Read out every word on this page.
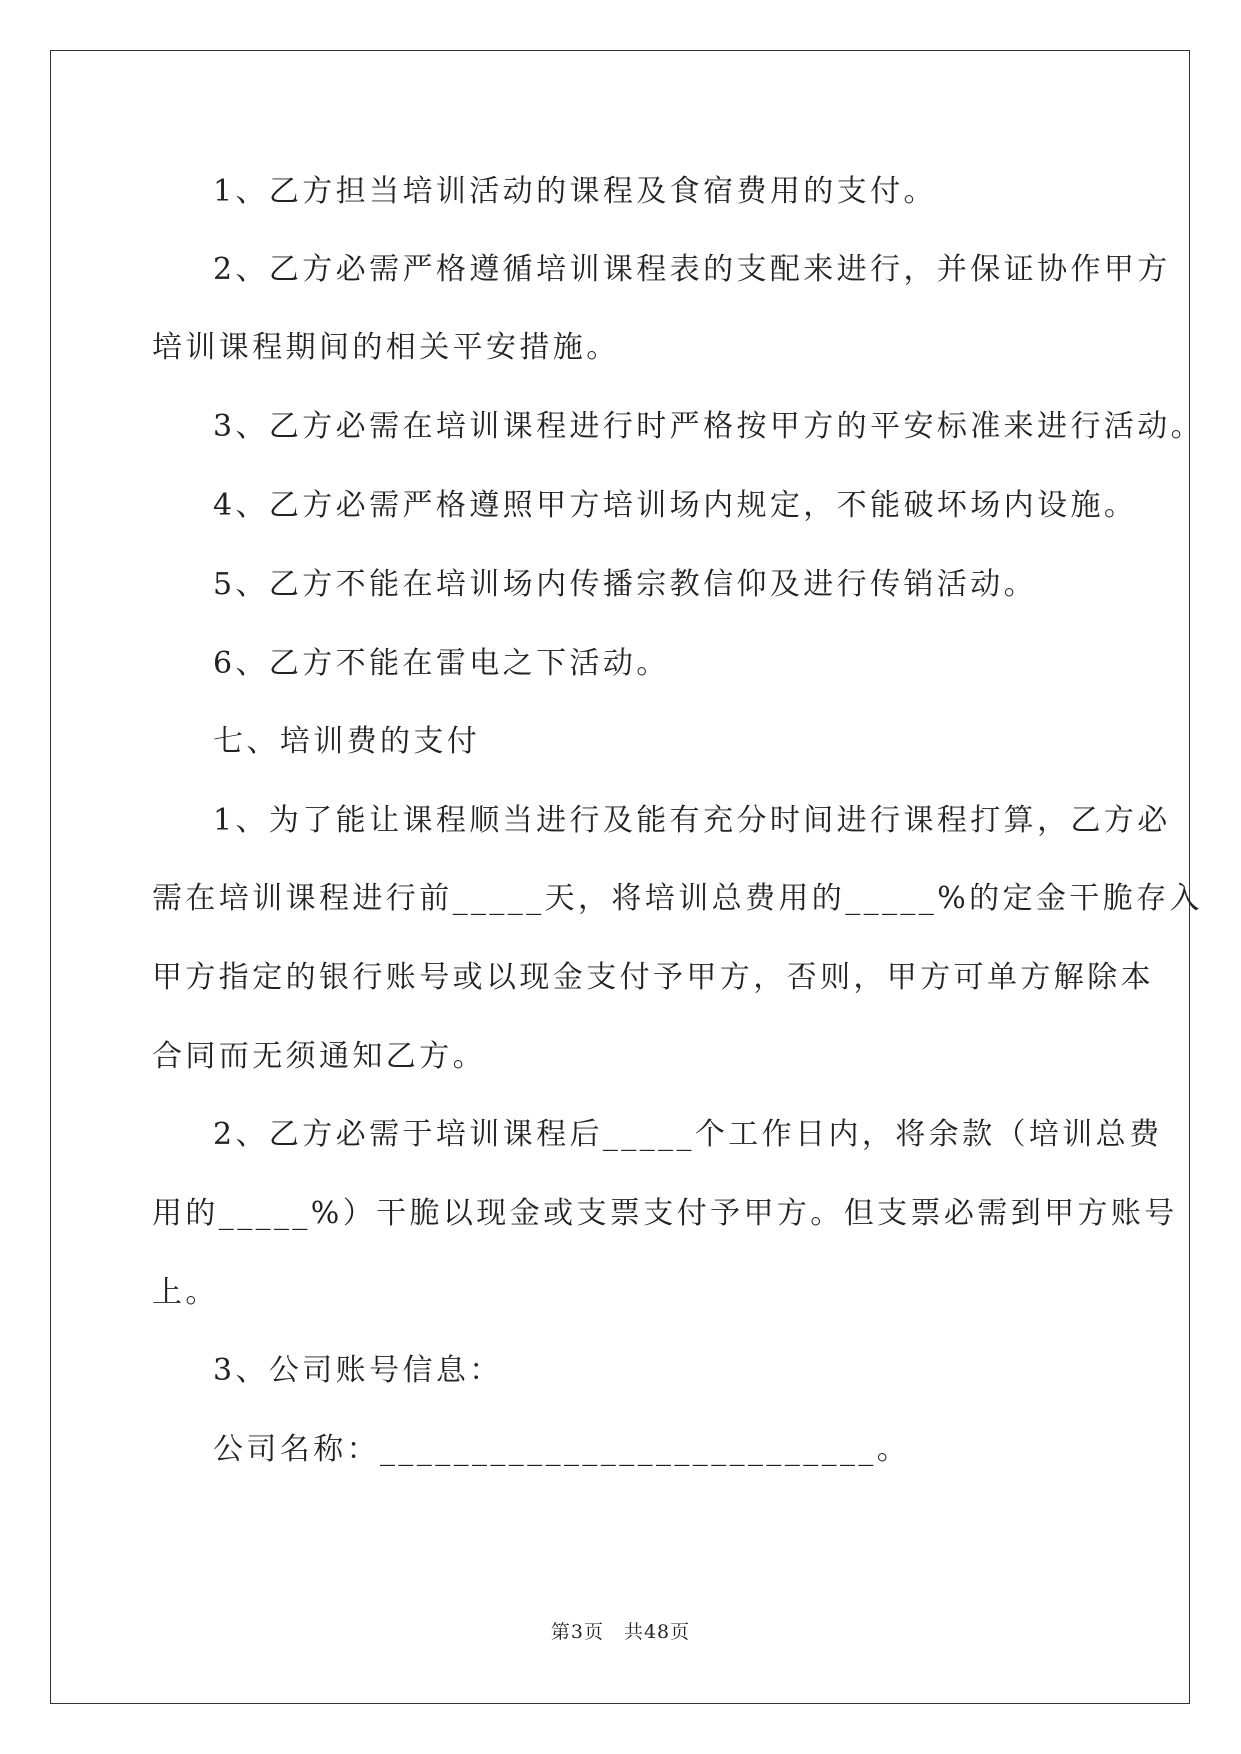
1、乙方担当培训活动的课程及食宿费用的支付。
2、乙方必需严格遵循培训课程表的支配来进行，并保证协作甲方
培训课程期间的相关平安措施。
3、乙方必需在培训课程进行时严格按甲方的平安标准来进行活动。
4、乙方必需严格遵照甲方培训场内规定，不能破坏场内设施。
5、乙方不能在培训场内传播宗教信仰及进行传销活动。
6、乙方不能在雷电之下活动。
七、培训费的支付
1、为了能让课程顺当进行及能有充分时间进行课程打算，乙方必
需在培训课程进行前_____天，将培训总费用的_____%的定金干脆存入
甲方指定的银行账号或以现金支付予甲方，否则，甲方可单方解除本
合同而无须通知乙方。
2、乙方必需于培训课程后_____个工作日内，将余款（培训总费
用的_____%）干脆以现金或支票支付予甲方。但支票必需到甲方账号
上。
3、公司账号信息：
公司名称：___________________________。
第3页　共48页
